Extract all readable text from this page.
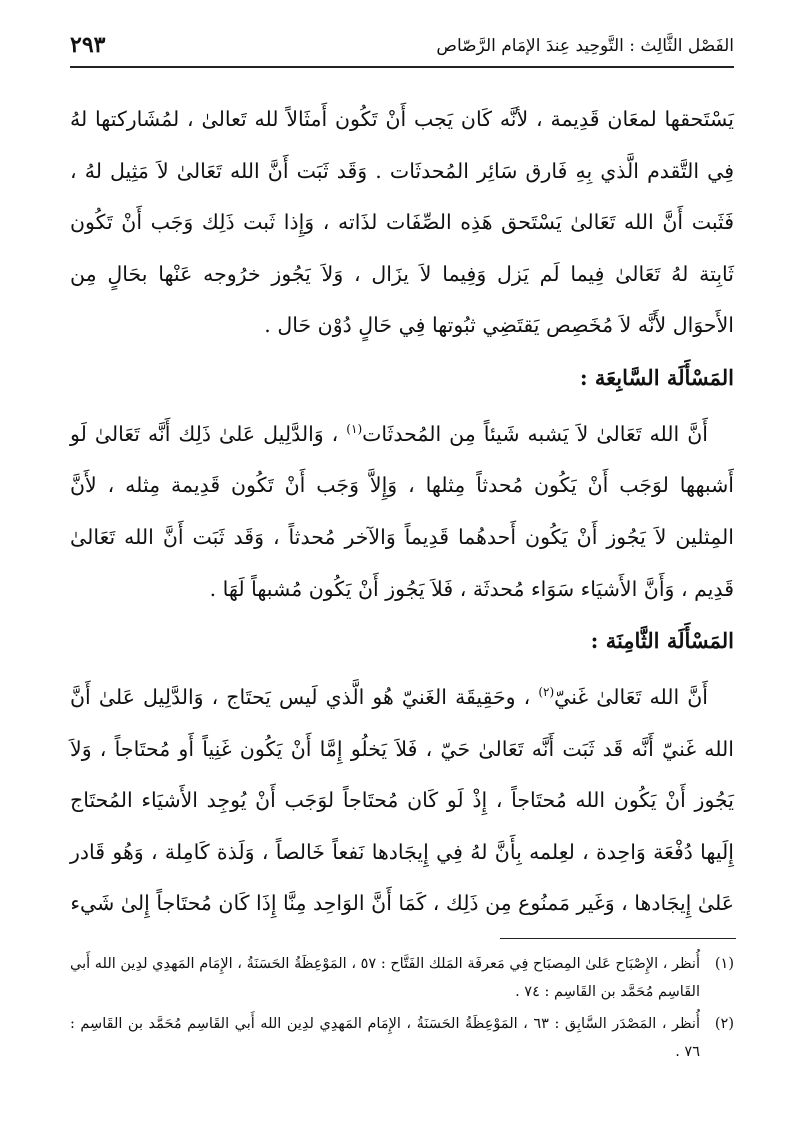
الفَصْل الثَّالِث : التَّوحِيد عِندَ الإمَام الرَّصّاص
٢٩٣

يَسْتَحقها لمعَان قَدِيمة ، لأنَّه كَان يَجب أَنْ تَكُون أَمثَالاً لله تَعالىٰ ، لمُشَاركتها لهُ فِي التَّقدم الَّذي بِهِ فَارق سَائِر المُحدثَات . وَقَد ثَبَت أَنَّ الله تَعَالىٰ لاَ مَثِيل لهُ ، فَثَبت أَنَّ الله تَعَالىٰ يَسْتَحق هَذِه الصِّفَات لذَاته ، وَإِذا ثَبت ذَلِك وَجَب أَنْ تَكُون ثَابِتة لهُ تَعَالىٰ فِيما لَم يَزل وَفِيما لاَ يزَال ، وَلاَ يَجُوز خرُوجه عَنْها بحَالٍ مِن الأَحوَال لأَنَّه لاَ مُخَصِص يَقتَضِي ثبُوتها فِي حَالٍ دُوْن حَال .

المَسْأَلَة السَّابِعَة :

أَنَّ الله تَعَالىٰ لاَ يَشبه شَيئاً مِن المُحدثَات$^{(١)}$ ، وَالدَّلِيل عَلىٰ ذَلِك أَنَّه تَعَالىٰ لَو أَشبهها لوَجَب أَنْ يَكُون مُحدثاً مِثلها ، وَإِلاَّ وَجَب أَنْ تَكُون قَدِيمة مِثله ، لأَنَّ المِثلين لاَ يَجُوز أَنْ يَكُون أَحدهُما قَدِيماً وَالآخر مُحدثاً ، وَقَد ثَبَت أَنَّ الله تَعَالىٰ قَدِيم ، وَأَنَّ الأَشيَاء سَوَاء مُحدثَة ، فَلاَ يَجُوز أَنْ يَكُون مُشبهاً لَهَا .

المَسْأَلَة الثَّامِنَة :

أَنَّ الله تَعَالىٰ غَنيّ$^{(٢)}$ ، وحَقِيقَة الغَنيّ هُو الَّذي لَيس يَحتَاج ، وَالدَّلِيل عَلىٰ أَنَّ الله غَنيّ أَنَّه قَد ثَبَت أَنَّه تَعَالىٰ حَيّ ، فَلاَ يَخلُو إِمَّا أَنْ يَكُون غَنِياً أَو مُحتَاجاً ، وَلاَ يَجُوز أَنْ يَكُون الله مُحتَاجاً ، إِذْ لَو كَان مُحتَاجاً لوَجَب أَنْ يُوجِد الأَشيَاء المُحتَاج إِلَيها دُفْعَة وَاحِدة ، لعِلمه بِأَنَّ لهُ فِي إِيجَادها نَفعاً خَالصاً ، وَلَذة كَامِلة ، وَهُو قَادر عَلىٰ إِيجَادها ، وَغَير مَمنُوع مِن ذَلِك ، كَمَا أَنَّ الوَاحِد مِنَّا إِذَا كَان مُحتَاجاً إِلىٰ شَيء

(١)
أُنظر ، الإِصْبَاح عَلىٰ المِصبَاح فِي مَعرفَة المَلك الفَتَّاح : ٥٧ ، المَوْعِظَةُ الحَسَنَةُ ، الإِمَام المَهدِي لدِين الله أَبي القَاسِم مُحَمَّد بن القَاسِم : ٧٤ .

(٢)
أُنظر ، المَصْدَر السَّابِق : ٦٣ ، المَوْعِظَةُ الحَسَنَةُ ، الإِمَام المَهدِي لدِين الله أَبي القَاسِم مُحَمَّد بن القَاسِم : ٧٦ .
